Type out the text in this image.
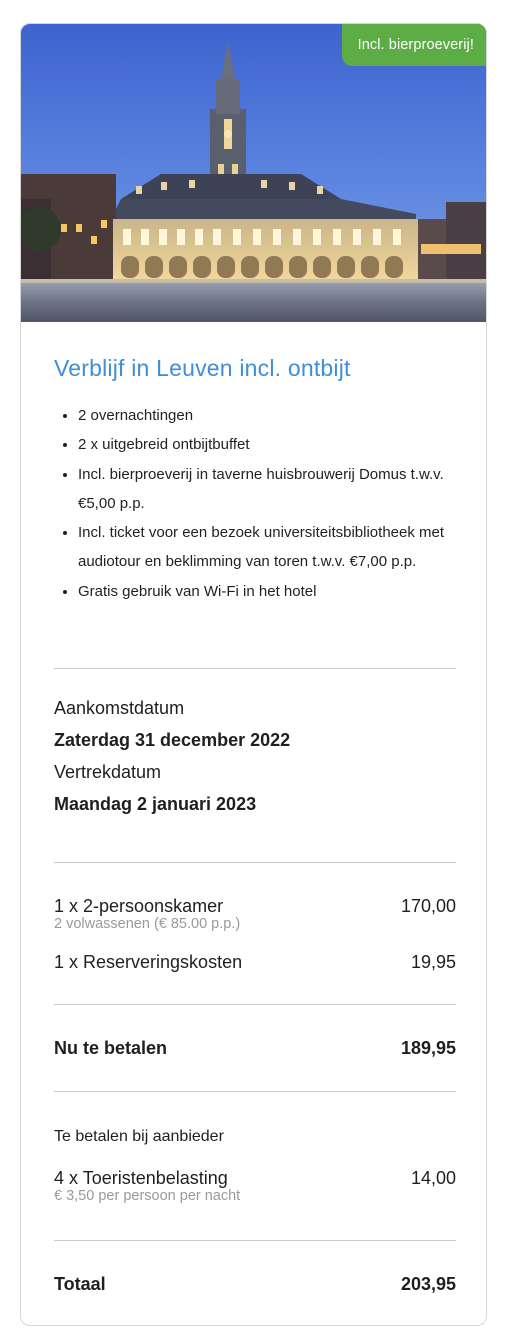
Incl. bierproeverij!
Verblijf in Leuven incl. ontbijt
• 2 overnachtingen
• 2 x uitgebreid ontbijtbuffet
• Incl. bierproeverij in taverne huisbrouwerij Domus t.w.v. €5,00 p.p.
• Incl. ticket voor een bezoek universiteitsbibliotheek met audiotour en beklimming van toren t.w.v. €7,00 p.p.
• Gratis gebruik van Wi-Fi in het hotel
Aankomstdatum
Zaterdag 31 december 2022
Vertrekdatum
Maandag 2 januari 2023
1 x 2-persoonskamer	170,00
2 volwassenen (€ 85.00 p.p.)
1 x Reserveringskosten	19,95
Nu te betalen	189,95
Te betalen bij aanbieder
4 x Toeristenbelasting	14,00
€ 3,50 per persoon per nacht
Totaal	203,95
